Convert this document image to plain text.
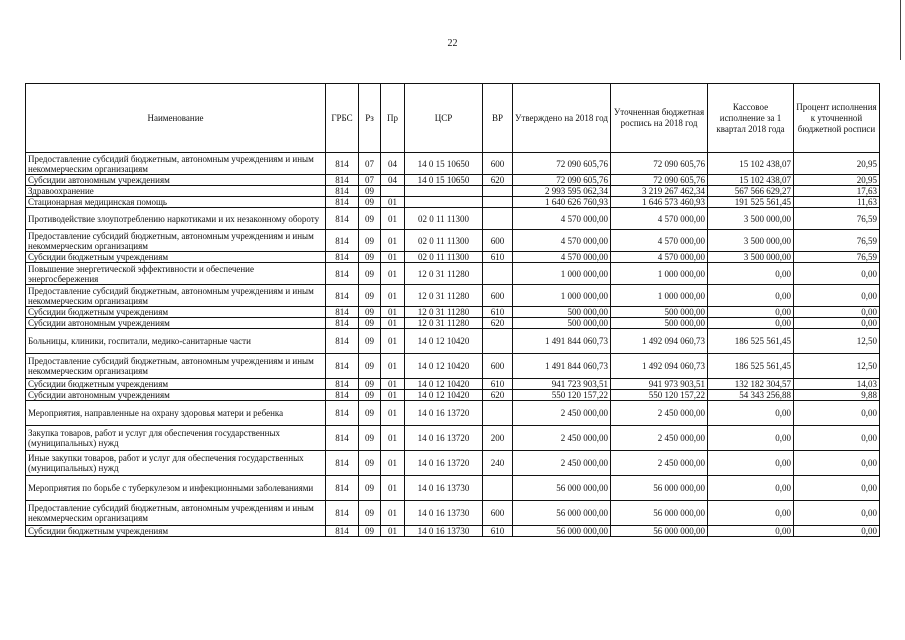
22
Наименование	ГРБС	Рз	Пр	ЦСР	ВР	Утверждено на 2018 год	Уточненная бюджетная роспись на 2018 год	Кассовое исполнение за 1 квартал 2018 года	Процент исполнения к уточненной бюджетной росписи
Предоставление субсидий бюджетным, автономным учреждениям и иным некоммерческим организациям	814	07	04	14 0 15 10650	600	72 090 605,76	72 090 605,76	15 102 438,07	20,95
Субсидии автономным учреждениям	814	07	04	14 0 15 10650	620	72 090 605,76	72 090 605,76	15 102 438,07	20,95
Здравоохранение	814	09				2 993 595 062,34	3 219 267 462,34	567 566 629,27	17,63
Стационарная медицинская помощь	814	09	01			1 640 626 760,93	1 646 573 460,93	191 525 561,45	11,63
Противодействие злоупотреблению наркотиками и их незаконному обороту	814	09	01	02 0 11 11300		4 570 000,00	4 570 000,00	3 500 000,00	76,59
Предоставление субсидий бюджетным, автономным учреждениям и иным некоммерческим организациям	814	09	01	02 0 11 11300	600	4 570 000,00	4 570 000,00	3 500 000,00	76,59
Субсидии бюджетным учреждениям	814	09	01	02 0 11 11300	610	4 570 000,00	4 570 000,00	3 500 000,00	76,59
Повышение энергетической эффективности и обеспечение энергосбережения	814	09	01	12 0 31 11280		1 000 000,00	1 000 000,00	0,00	0,00
Предоставление субсидий бюджетным, автономным учреждениям и иным некоммерческим организациям	814	09	01	12 0 31 11280	600	1 000 000,00	1 000 000,00	0,00	0,00
Субсидии бюджетным учреждениям	814	09	01	12 0 31 11280	610	500 000,00	500 000,00	0,00	0,00
Субсидии автономным учреждениям	814	09	01	12 0 31 11280	620	500 000,00	500 000,00	0,00	0,00
Больницы, клиники, госпитали, медико-санитарные части	814	09	01	14 0 12 10420		1 491 844 060,73	1 492 094 060,73	186 525 561,45	12,50
Предоставление субсидий бюджетным, автономным учреждениям и иным некоммерческим организациям	814	09	01	14 0 12 10420	600	1 491 844 060,73	1 492 094 060,73	186 525 561,45	12,50
Субсидии бюджетным учреждениям	814	09	01	14 0 12 10420	610	941 723 903,51	941 973 903,51	132 182 304,57	14,03
Субсидии автономным учреждениям	814	09	01	14 0 12 10420	620	550 120 157,22	550 120 157,22	54 343 256,88	9,88
Мероприятия, направленные на охрану здоровья матери и ребенка	814	09	01	14 0 16 13720		2 450 000,00	2 450 000,00	0,00	0,00
Закупка товаров, работ и услуг для обеспечения государственных (муниципальных) нужд	814	09	01	14 0 16 13720	200	2 450 000,00	2 450 000,00	0,00	0,00
Иные закупки товаров, работ и услуг для обеспечения государственных (муниципальных) нужд	814	09	01	14 0 16 13720	240	2 450 000,00	2 450 000,00	0,00	0,00
Мероприятия по борьбе с туберкулезом и инфекционными заболеваниями	814	09	01	14 0 16 13730		56 000 000,00	56 000 000,00	0,00	0,00
Предоставление субсидий бюджетным, автономным учреждениям и иным некоммерческим организациям	814	09	01	14 0 16 13730	600	56 000 000,00	56 000 000,00	0,00	0,00
Субсидии бюджетным учреждениям	814	09	01	14 0 16 13730	610	56 000 000,00	56 000 000,00	0,00	0,00
